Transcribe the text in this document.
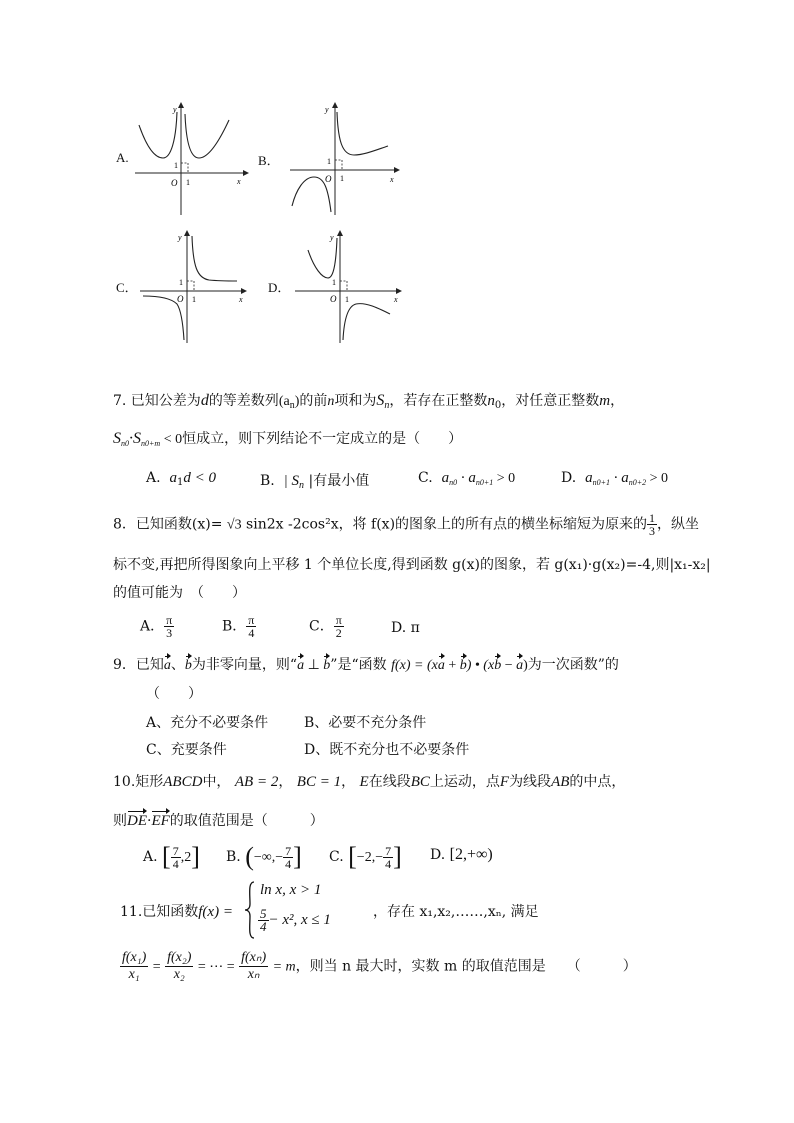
A.	B．
C．	D．
y
x
O
1
1
y
x
O
1
1
y
x
O
1
1
y
x
O
1
1
7. 已知公差为d的等差数列$(a_n)$的前n项和为$S_n$，若存在正整数$n_0$，对任意正整数m，
$S_{n0}\cdot S_{n0+m} < 0$恒成立，则下列结论不一定成立的是（　　）
A. $a_1d < 0$	B. | $S_n$ |有最小值	C. $a_{n0} \cdot a_{n0+1} > 0$	D. $a_{n0+1} \cdot a_{n0+2} > 0$
8．已知函数(x)= √3 sin2x -2cos²x，将 f(x)的图象上的所有点的横坐标缩短为原来的 $\frac{1}{3}$ ，纵坐
标不变,再把所得图象向上平移 1 个单位长度,得到函数 g(x)的图象，若 g(x₁)·g(x₂)=-4,则|x₁-x₂|
的值可能为　（　　）
A． $\frac{\pi}{3}$	B． $\frac{\pi}{4}$	C． $\frac{\pi}{2}$	D. π
9．已知a、b为非零向量，则“a ⊥ b”是“函数 f(x) = (xa + b) • (xb − a)为一次函数”的
（　　）
A、充分不必要条件	B、必要不充分条件
C、充要条件	D、既不充分也不必要条件
10.矩形ABCD中， AB = 2， BC = 1， E在线段BC上运动，点F为线段AB的中点，
则DE·EF的取值范围是（　　　）
A. [ $\frac{7}{4} ,2$] B. (−∞,− $\frac{7}{4}$ ] C. [$-2,- \frac{7}{4}$ ] D. [2,+∞)
11.已知函数f(x) =
ln x, x > 1
$\frac{5}{4} - x^2$, x ≤ 1	，存在 x₁,x₂,……,xₙ, 满足
$\frac{\text{f(x₁)}}{\text{x₁}} = \frac{\text{f(x₂)}}{\text{x₂}}$ = ⋯ = $\frac{\text{f(xₙ)}}{\text{xₙ}} = m$，则当 n 最大时，实数 m 的取值范围是　　（　　　）
